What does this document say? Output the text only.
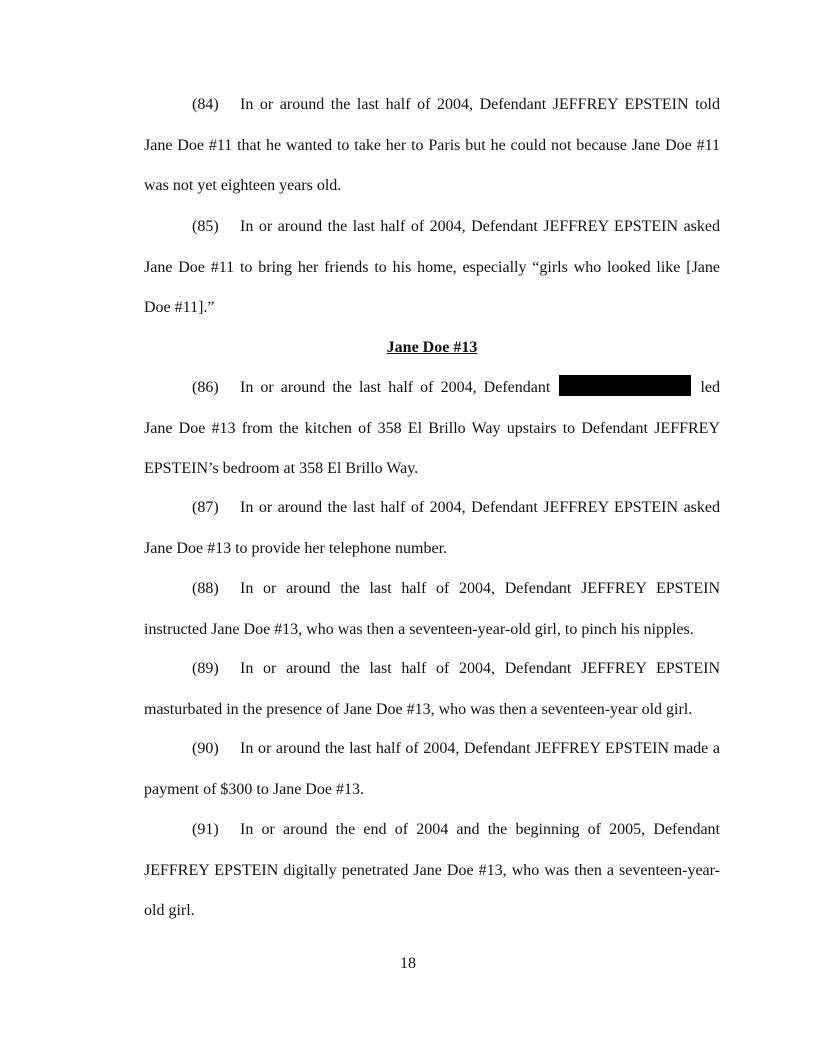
(84) In or around the last half of 2004, Defendant JEFFREY EPSTEIN told Jane Doe #11 that he wanted to take her to Paris but he could not because Jane Doe #11 was not yet eighteen years old.

(85) In or around the last half of 2004, Defendant JEFFREY EPSTEIN asked Jane Doe #11 to bring her friends to his home, especially “girls who looked like [Jane Doe #11].”

Jane Doe #13

(86) In or around the last half of 2004, Defendant	led Jane Doe #13 from the kitchen of 358 El Brillo Way upstairs to Defendant JEFFREY EPSTEIN’s bedroom at 358 El Brillo Way.

(87) In or around the last half of 2004, Defendant JEFFREY EPSTEIN asked Jane Doe #13 to provide her telephone number.

(88) In or around the last half of 2004, Defendant JEFFREY EPSTEIN instructed Jane Doe #13, who was then a seventeen-year-old girl, to pinch his nipples.

(89) In or around the last half of 2004, Defendant JEFFREY EPSTEIN masturbated in the presence of Jane Doe #13, who was then a seventeen-year old girl.

(90) In or around the last half of 2004, Defendant JEFFREY EPSTEIN made a payment of $300 to Jane Doe #13.

(91) In or around the end of 2004 and the beginning of 2005, Defendant JEFFREY EPSTEIN digitally penetrated Jane Doe #13, who was then a seventeen-year-old girl.

18
